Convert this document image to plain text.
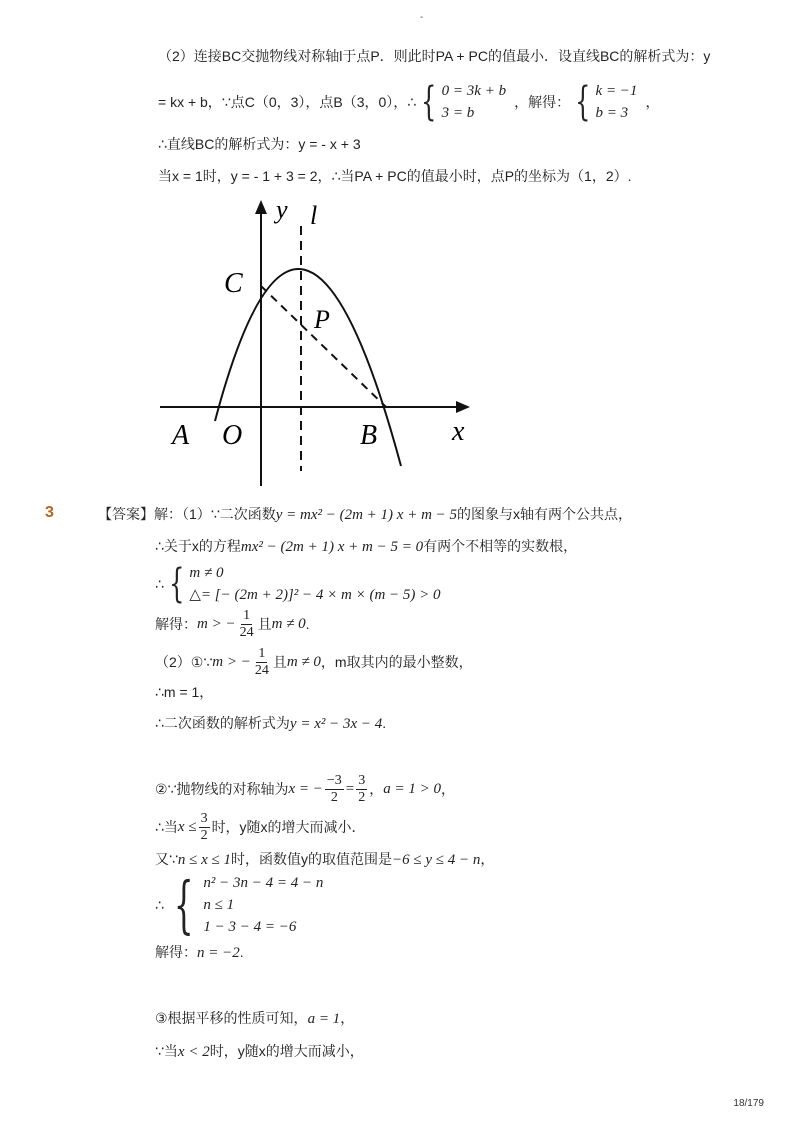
-
（2）连接BC交抛物线对称轴l于点P．则此时PA + PC的值最小．设直线BC的解析式为：y
= kx + b，∵点C（0，3），点B（3，0），∴ { 0 = 3k + b
3 = b
，解得： { k = −1
b = 3
，
∴直线BC的解析式为：y = - x + 3
当x = 1时，y = - 1 + 3 = 2，∴当PA + PC的值最小时，点P的坐标为（1，2）.
y l
C
P
A O	B	x
3	【答案】解：（1）∵二次函数y = mx² − (2m + 1) x + m − 5的图象与x轴有两个公共点，
∴关于x的方程mx² − (2m + 1) x + m − 5 = 0有两个不相等的实数根，
∴ { m ≠ 0
△= [− (2m + 2)]² − 4 × m × (m − 5) > 0
解得： m > − $\frac{1}{24}$ 且 m ≠ 0 .
（2）①∵ m > − $\frac{1}{24}$ 且 m ≠ 0 ，m取其内的最小整数，
∴m = 1，
∴二次函数的解析式为y = x² − 3x − 4.
②∵抛物线的对称轴为 x = − $\frac{-3}{2} = \frac{3}{2}$ ， a = 1 > 0 ，
∴当 $x \le \frac{3}{2}$ 时，y随x的增大而减小．
又∵n ≤ x ≤ 1时，函数值y的取值范围是−6 ≤ y ≤ 4 − n，
∴ { n² − 3n − 4 = 4 − n
n ≤ 1
1 − 3 − 4 = −6
解得：n = −2.
③根据平移的性质可知，a = 1，
∵当x < 2时，y随x的增大而减小，
18/179
